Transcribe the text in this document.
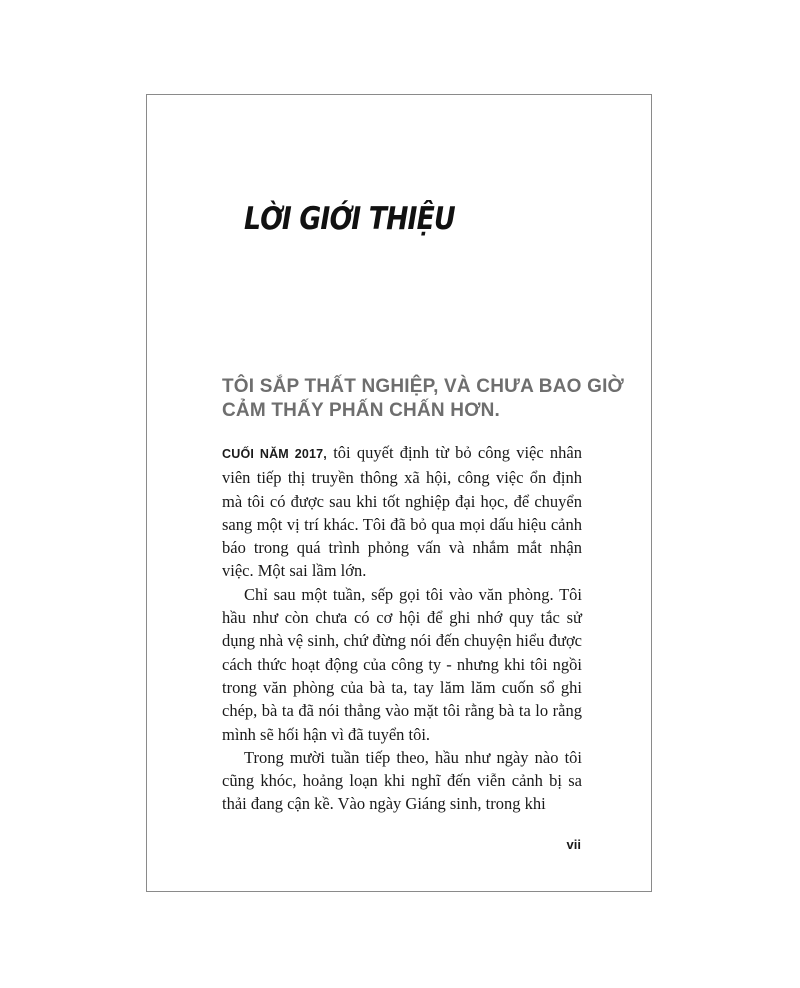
LỜI GIỚI THIỆU
TÔI SẮP THẤT NGHIỆP, VÀ CHƯA BAO GIỜ
CẢM THẤY PHẤN CHẤN HƠN.

CUỐI NĂM 2017, tôi quyết định từ bỏ công việc nhân viên tiếp thị truyền thông xã hội, công việc ổn định mà tôi có được sau khi tốt nghiệp đại học, để chuyển sang một vị trí khác. Tôi đã bỏ qua mọi dấu hiệu cảnh báo trong quá trình phỏng vấn và nhắm mắt nhận việc. Một sai lầm lớn.

Chỉ sau một tuần, sếp gọi tôi vào văn phòng. Tôi hầu như còn chưa có cơ hội để ghi nhớ quy tắc sử dụng nhà vệ sinh, chứ đừng nói đến chuyện hiểu được cách thức hoạt động của công ty - nhưng khi tôi ngồi trong văn phòng của bà ta, tay lăm lăm cuốn sổ ghi chép, bà ta đã nói thẳng vào mặt tôi rằng bà ta lo rằng mình sẽ hối hận vì đã tuyển tôi.

Trong mười tuần tiếp theo, hầu như ngày nào tôi cũng khóc, hoảng loạn khi nghĩ đến viễn cảnh bị sa thải đang cận kề. Vào ngày Giáng sinh, trong khi

vii
